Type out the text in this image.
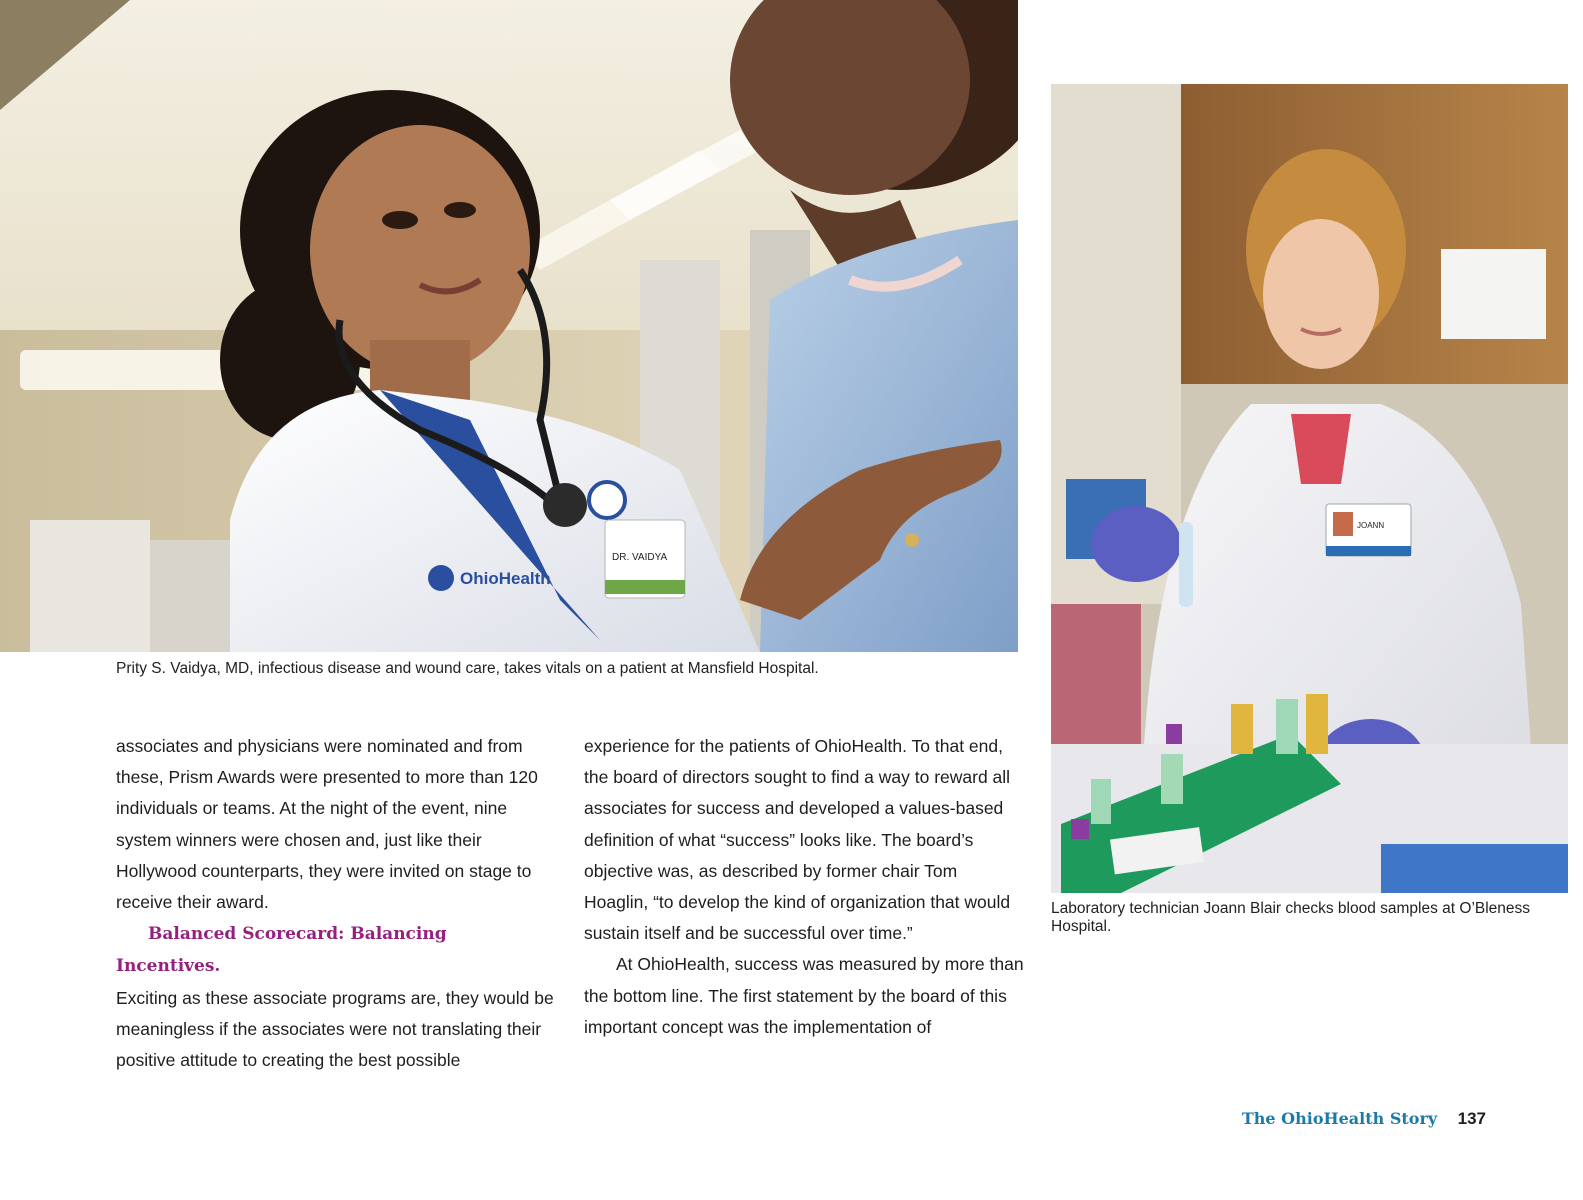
DR. VAIDYA
OhioHealth
Prity S. Vaidya, MD, infectious disease and wound care, takes vitals on a patient at Mansfield Hospital.
JOANN
Laboratory technician Joann Blair checks blood samples at O’Bleness Hospital.

associates and physicians were nominated and from these, Prism Awards were presented to more than 120 individuals or teams. At the night of the event, nine system winners were chosen and, just like their Hollywood counterparts, they were invited on stage to receive their award.

Balanced Scorecard: Balancing Incentives.

Exciting as these associate programs are, they would be meaningless if the associates were not translating their positive attitude to creating the best possible

experience for the patients of OhioHealth. To that end, the board of directors sought to find a way to reward all associates for success and developed a values-based definition of what “success” looks like. The board’s objective was, as described by former chair Tom Hoaglin, “to develop the kind of organization that would sustain itself and be successful over time.”

At OhioHealth, success was measured by more than the bottom line. The first statement by the board of this important concept was the implementation of

The OhioHealth Story 137
